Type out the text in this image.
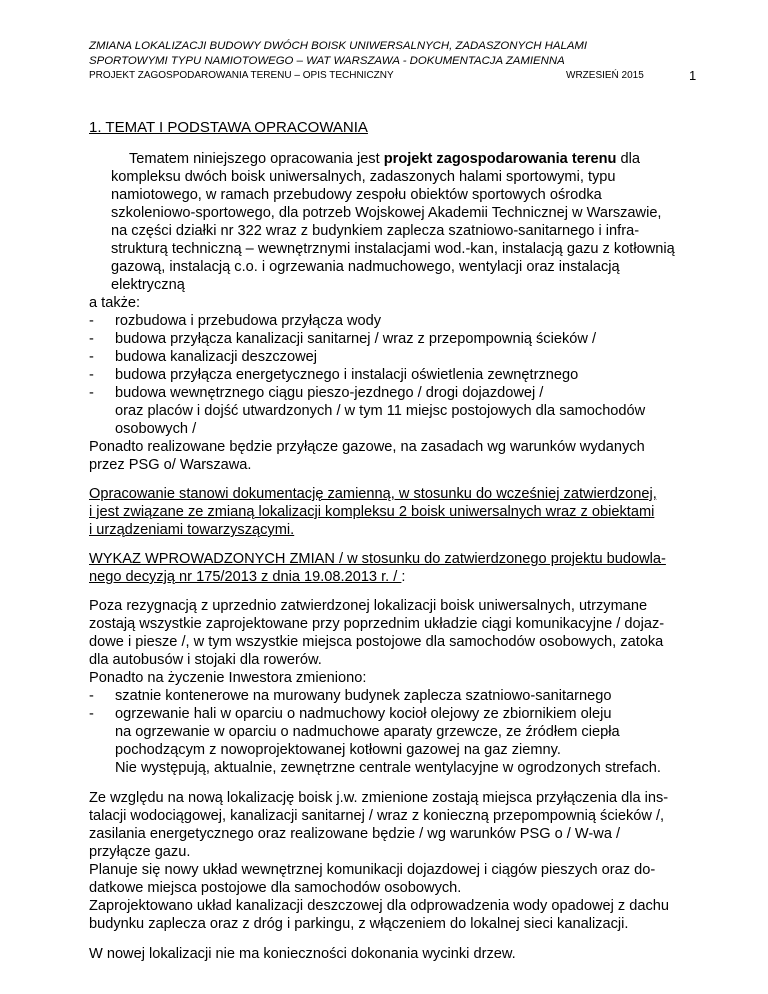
ZMIANA LOKALIZACJI BUDOWY DWÓCH BOISK UNIWERSALNYCH, ZADASZONYCH HALAMI
SPORTOWYMI TYPU NAMIOTOWEGO – WAT WARSZAWA - DOKUMENTACJA ZAMIENNA
PROJEKT ZAGOSPODAROWANIA TERENU – OPIS TECHNICZNY	WRZESIEŃ 2015	1
1. TEMAT I PODSTAWA OPRACOWANIA
Tematem niniejszego opracowania jest projekt zagospodarowania terenu dla
kompleksu dwóch boisk uniwersalnych, zadaszonych halami sportowymi, typu
namiotowego, w ramach przebudowy zespołu obiektów sportowych ośrodka
szkoleniowo-sportowego, dla potrzeb Wojskowej Akademii Technicznej w Warszawie,
na części działki nr 322 wraz z budynkiem zaplecza szatniowo-sanitarnego i infra-
strukturą techniczną – wewnętrznymi instalacjami wod.-kan, instalacją gazu z kotłownią
gazową, instalacją c.o. i ogrzewania nadmuchowego, wentylacji oraz instalacją
elektryczną
a także:
- rozbudowa i przebudowa przyłącza wody
- budowa przyłącza kanalizacji sanitarnej / wraz z przepompownią ścieków /
- budowa kanalizacji deszczowej
- budowa przyłącza energetycznego i instalacji oświetlenia zewnętrznego
- budowa wewnętrznego ciągu pieszo-jezdnego / drogi dojazdowej /
oraz placów i dojść utwardzonych / w tym 11 miejsc postojowych dla samochodów
osobowych /
Ponadto realizowane będzie przyłącze gazowe, na zasadach wg warunków wydanych
przez PSG o/ Warszawa.
Opracowanie stanowi dokumentację zamienną, w stosunku do wcześniej zatwierdzonej,
i jest związane ze zmianą lokalizacji kompleksu 2 boisk uniwersalnych wraz z obiektami
i urządzeniami towarzyszącymi.
WYKAZ WPROWADZONYCH ZMIAN / w stosunku do zatwierdzonego projektu budowla-
nego decyzją nr 175/2013 z dnia 19.08.2013 r. / :
Poza rezygnacją z uprzednio zatwierdzonej lokalizacji boisk uniwersalnych, utrzymane
zostają wszystkie zaprojektowane przy poprzednim układzie ciągi komunikacyjne / dojaz-
dowe i piesze /, w tym wszystkie miejsca postojowe dla samochodów osobowych, zatoka
dla autobusów i stojaki dla rowerów.
Ponadto na życzenie Inwestora zmieniono:
- szatnie kontenerowe na murowany budynek zaplecza szatniowo-sanitarnego
- ogrzewanie hali w oparciu o nadmuchowy kocioł olejowy ze zbiornikiem oleju
na ogrzewanie w oparciu o nadmuchowe aparaty grzewcze, ze źródłem ciepła
pochodzącym z nowoprojektowanej kotłowni gazowej na gaz ziemny.
Nie występują, aktualnie, zewnętrzne centrale wentylacyjne w ogrodzonych strefach.
Ze względu na nową lokalizację boisk j.w. zmienione zostają miejsca przyłączenia dla ins-
talacji wodociągowej, kanalizacji sanitarnej / wraz z konieczną przepompownią ścieków /,
zasilania energetycznego oraz realizowane będzie / wg warunków PSG o / W-wa /
przyłącze gazu.
Planuje się nowy układ wewnętrznej komunikacji dojazdowej i ciągów pieszych oraz do-
datkowe miejsca postojowe dla samochodów osobowych.
Zaprojektowano układ kanalizacji deszczowej dla odprowadzenia wody opadowej z dachu
budynku zaplecza oraz z dróg i parkingu, z włączeniem do lokalnej sieci kanalizacji.
W nowej lokalizacji nie ma konieczności dokonania wycinki drzew.
